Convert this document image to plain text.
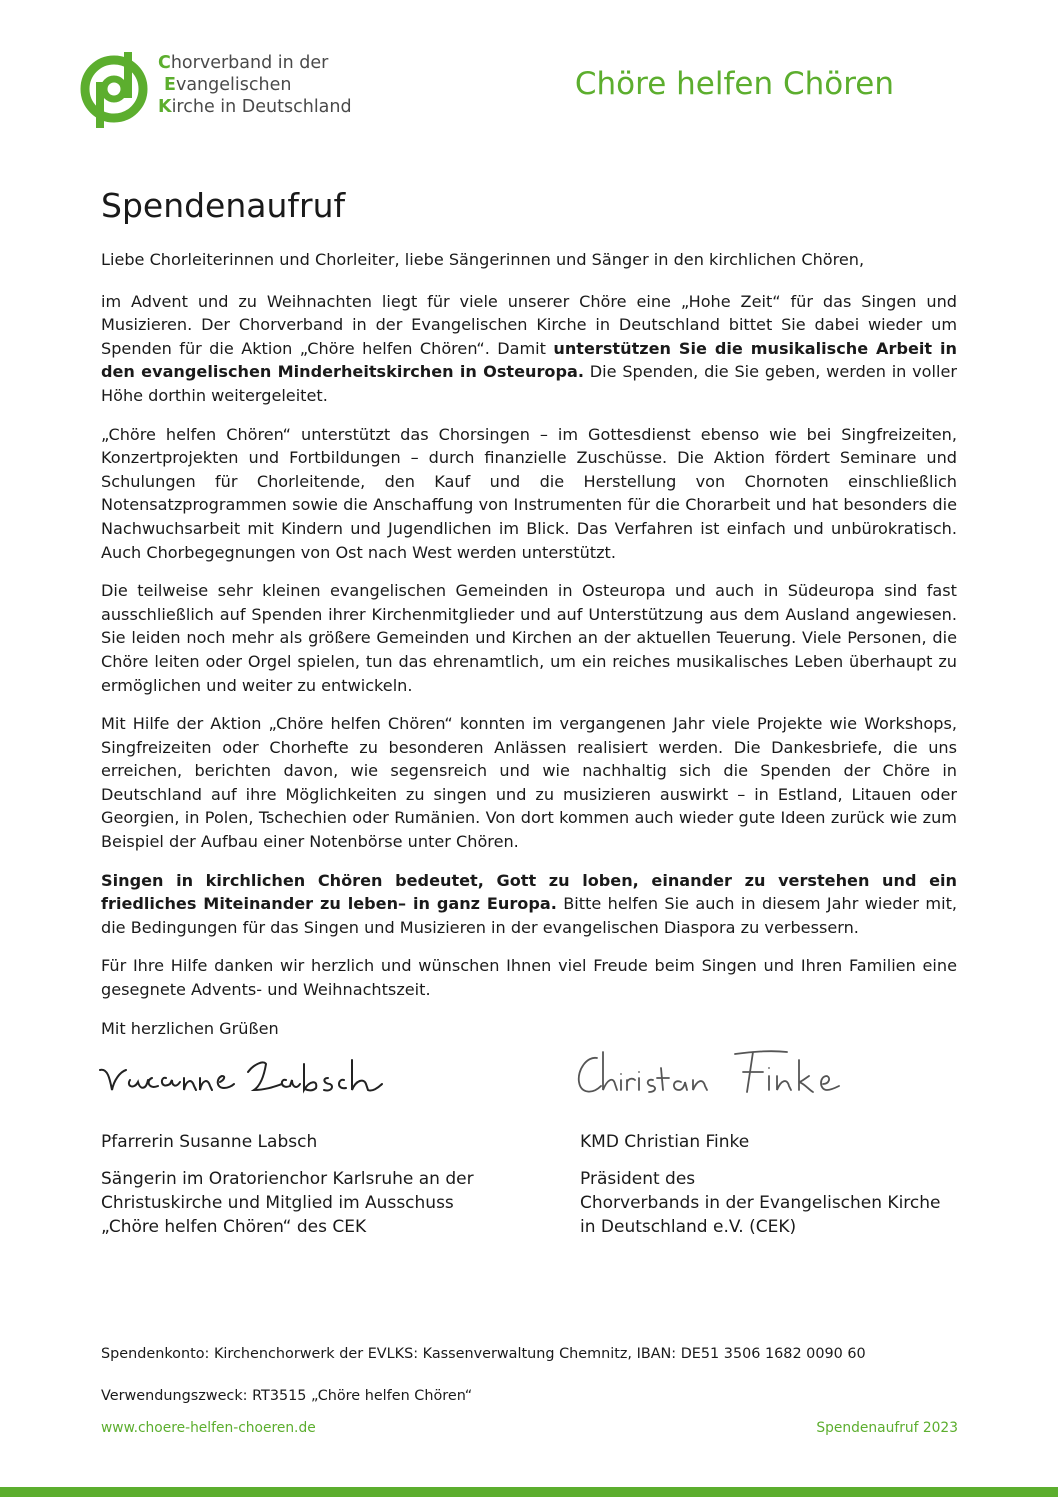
Chorverband in der
Evangelischen
Kirche in Deutschland
Chöre helfen Chören
Spendenaufruf

Liebe Chorleiterinnen und Chorleiter, liebe Sängerinnen und Sänger in den kirchlichen Chören,

im Advent und zu Weihnachten liegt für viele unserer Chöre eine „Hohe Zeit“ für das Singen und Musizieren. Der Chorverband in der Evangelischen Kirche in Deutschland bittet Sie dabei wieder um Spenden für die Aktion „Chöre helfen Chören“. Damit unterstützen Sie die musikalische Arbeit in den evangelischen Minderheitskirchen in Osteuropa. Die Spenden, die Sie geben, werden in voller Höhe dorthin weitergeleitet.

„Chöre helfen Chören“ unterstützt das Chorsingen – im Gottesdienst ebenso wie bei Singfreizeiten, Konzertprojekten und Fortbildungen – durch finanzielle Zuschüsse. Die Aktion fördert Seminare und Schulungen für Chorleitende, den Kauf und die Herstellung von Chornoten einschließlich Notensatzprogrammen sowie die Anschaffung von Instrumenten für die Chorarbeit und hat besonders die Nachwuchsarbeit mit Kindern und Jugendlichen im Blick. Das Verfahren ist einfach und unbürokratisch. Auch Chorbegegnungen von Ost nach West werden unterstützt.

Die teilweise sehr kleinen evangelischen Gemeinden in Osteuropa und auch in Südeuropa sind fast ausschließlich auf Spenden ihrer Kirchenmitglieder und auf Unterstützung aus dem Ausland angewiesen. Sie leiden noch mehr als größere Gemeinden und Kirchen an der aktuellen Teuerung. Viele Personen, die Chöre leiten oder Orgel spielen, tun das ehrenamtlich, um ein reiches musikalisches Leben überhaupt zu ermöglichen und weiter zu entwickeln.

Mit Hilfe der Aktion „Chöre helfen Chören“ konnten im vergangenen Jahr viele Projekte wie Workshops, Singfreizeiten oder Chorhefte zu besonderen Anlässen realisiert werden. Die Dankesbriefe, die uns erreichen, berichten davon, wie segensreich und wie nachhaltig sich die Spenden der Chöre in Deutschland auf ihre Möglichkeiten zu singen und zu musizieren auswirkt – in Estland, Litauen oder Georgien, in Polen, Tschechien oder Rumänien. Von dort kommen auch wieder gute Ideen zurück wie zum Beispiel der Aufbau einer Notenbörse unter Chören.

Singen in kirchlichen Chören bedeutet, Gott zu loben, einander zu verstehen und ein friedliches Miteinander zu leben– in ganz Europa. Bitte helfen Sie auch in diesem Jahr wieder mit, die Bedingungen für das Singen und Musizieren in der evangelischen Diaspora zu verbessern.

Für Ihre Hilfe danken wir herzlich und wünschen Ihnen viel Freude beim Singen und Ihren Familien eine gesegnete Advents- und Weihnachtszeit.

Mit herzlichen Grüßen

Pfarrerin Susanne Labsch
Sängerin im Oratorienchor Karlsruhe an der
Christuskirche und Mitglied im Ausschuss
„Chöre helfen Chören“ des CEK
KMD Christian Finke
Präsident des
Chorverbands in der Evangelischen Kirche
in Deutschland e.V. (CEK)
Spendenkonto: Kirchenchorwerk der EVLKS: Kassenverwaltung Chemnitz, IBAN: DE51 3506 1682 0090 60
Verwendungszweck: RT3515 „Chöre helfen Chören“
www.choere-helfen-choeren.de	Spendenaufruf 2023
